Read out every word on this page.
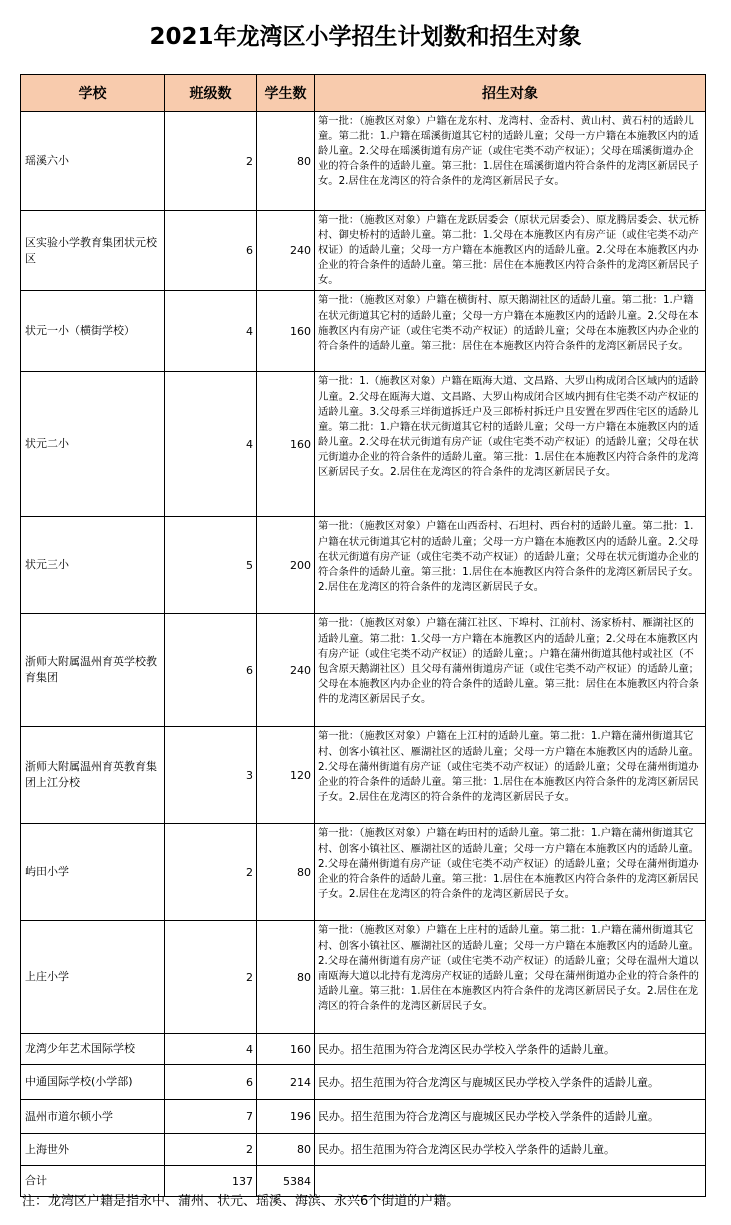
2021年龙湾区小学招生计划数和招生对象
学校	班级数	学生数	招生对象
瑶溪六小	2	80	第一批：（施教区对象）户籍在龙东村、龙湾村、金岙村、黄山村、黄石村的适龄儿童。第二批：1.户籍在瑶溪街道其它村的适龄儿童；父母一方户籍在本施教区内的适龄儿童。2.父母在瑶溪街道有房产证（或住宅类不动产权证）；父母在瑶溪街道办企业的符合条件的适龄儿童。第三批：1.居住在瑶溪街道内符合条件的龙湾区新居民子女。2.居住在龙湾区的符合条件的龙湾区新居民子女。
区实验小学教育集团状元校区	6	240	第一批：（施教区对象）户籍在龙跃居委会（原状元居委会）、原龙腾居委会、状元桥村、御史桥村的适龄儿童。第二批：1.父母在本施教区内有房产证（或住宅类不动产权证）的适龄儿童；父母一方户籍在本施教区内的适龄儿童。2.父母在本施教区内办企业的符合条件的适龄儿童。第三批：居住在本施教区内符合条件的龙湾区新居民子女。
状元一小（横街学校）	4	160	第一批：（施教区对象）户籍在横街村、原天鹅湖社区的适龄儿童。第二批：1.户籍在状元街道其它村的适龄儿童；父母一方户籍在本施教区内的适龄儿童。2.父母在本施教区内有房产证（或住宅类不动产权证）的适龄儿童；父母在本施教区内办企业的符合条件的适龄儿童。第三批：居住在本施教区内符合条件的龙湾区新居民子女。
状元二小	4	160	第一批：1.（施教区对象）户籍在瓯海大道、文昌路、大罗山构成闭合区域内的适龄儿童。2.父母在瓯海大道、文昌路、大罗山构成闭合区域内拥有住宅类不动产权证的适龄儿童。3.父母系三垟街道拆迁户及三郎桥村拆迁户且安置在罗西住宅区的适龄儿童。第二批：1.户籍在状元街道其它村的适龄儿童；父母一方户籍在本施教区内的适龄儿童。2.父母在状元街道有房产证（或住宅类不动产权证）的适龄儿童；父母在状元街道办企业的符合条件的适龄儿童。第三批：1.居住在本施教区内符合条件的龙湾区新居民子女。2.居住在龙湾区的符合条件的龙湾区新居民子女。
状元三小	5	200	第一批：（施教区对象）户籍在山西岙村、石坦村、西台村的适龄儿童。第二批：1.户籍在状元街道其它村的适龄儿童；父母一方户籍在本施教区内的适龄儿童。2.父母在状元街道有房产证（或住宅类不动产权证）的适龄儿童；父母在状元街道办企业的符合条件的适龄儿童。第三批：1.居住在本施教区内符合条件的龙湾区新居民子女。2.居住在龙湾区的符合条件的龙湾区新居民子女。
浙师大附属温州育英学校教育集团	6	240	第一批：（施教区对象）户籍在蒲江社区、下埠村、江前村、汤家桥村、雁湖社区的适龄儿童。第二批：1.父母一方户籍在本施教区内的适龄儿童；2.父母在本施教区内有房产证（或住宅类不动产权证）的适龄儿童；。户籍在蒲州街道其他村或社区（不包含原天鹅湖社区）且父母有蒲州街道房产证（或住宅类不动产权证）的适龄儿童；父母在本施教区内办企业的符合条件的适龄儿童。第三批：居住在本施教区内符合条件的龙湾区新居民子女。
浙师大附属温州育英教育集团上江分校	3	120	第一批：（施教区对象）户籍在上江村的适龄儿童。第二批：1.户籍在蒲州街道其它村、创客小镇社区、雁湖社区的适龄儿童；父母一方户籍在本施教区内的适龄儿童。2.父母在蒲州街道有房产证（或住宅类不动产权证）的适龄儿童；父母在蒲州街道办企业的符合条件的适龄儿童。第三批：1.居住在本施教区内符合条件的龙湾区新居民子女。2.居住在龙湾区的符合条件的龙湾区新居民子女。
屿田小学	2	80	第一批：（施教区对象）户籍在屿田村的适龄儿童。第二批：1.户籍在蒲州街道其它村、创客小镇社区、雁湖社区的适龄儿童；父母一方户籍在本施教区内的适龄儿童。2.父母在蒲州街道有房产证（或住宅类不动产权证）的适龄儿童；父母在蒲州街道办企业的符合条件的适龄儿童。第三批：1.居住在本施教区内符合条件的龙湾区新居民子女。2.居住在龙湾区的符合条件的龙湾区新居民子女。
上庄小学	2	80	第一批：（施教区对象）户籍在上庄村的适龄儿童。第二批：1.户籍在蒲州街道其它村、创客小镇社区、雁湖社区的适龄儿童；父母一方户籍在本施教区内的适龄儿童。2.父母在蒲州街道有房产证（或住宅类不动产权证）的适龄儿童；父母在温州大道以南瓯海大道以北持有龙湾房产权证的适龄儿童；父母在蒲州街道办企业的符合条件的适龄儿童。第三批：1.居住在本施教区内符合条件的龙湾区新居民子女。2.居住在龙湾区的符合条件的龙湾区新居民子女。
龙湾少年艺术国际学校	4	160	民办。招生范围为符合龙湾区民办学校入学条件的适龄儿童。
中通国际学校(小学部)	6	214	民办。招生范围为符合龙湾区与鹿城区民办学校入学条件的适龄儿童。
温州市道尔顿小学	7	196	民办。招生范围为符合龙湾区与鹿城区民办学校入学条件的适龄儿童。
上海世外	2	80	民办。招生范围为符合龙湾区民办学校入学条件的适龄儿童。
合计	137	5384	
注：龙湾区户籍是指永中、蒲州、状元、瑶溪、海滨、永兴6个街道的户籍。
